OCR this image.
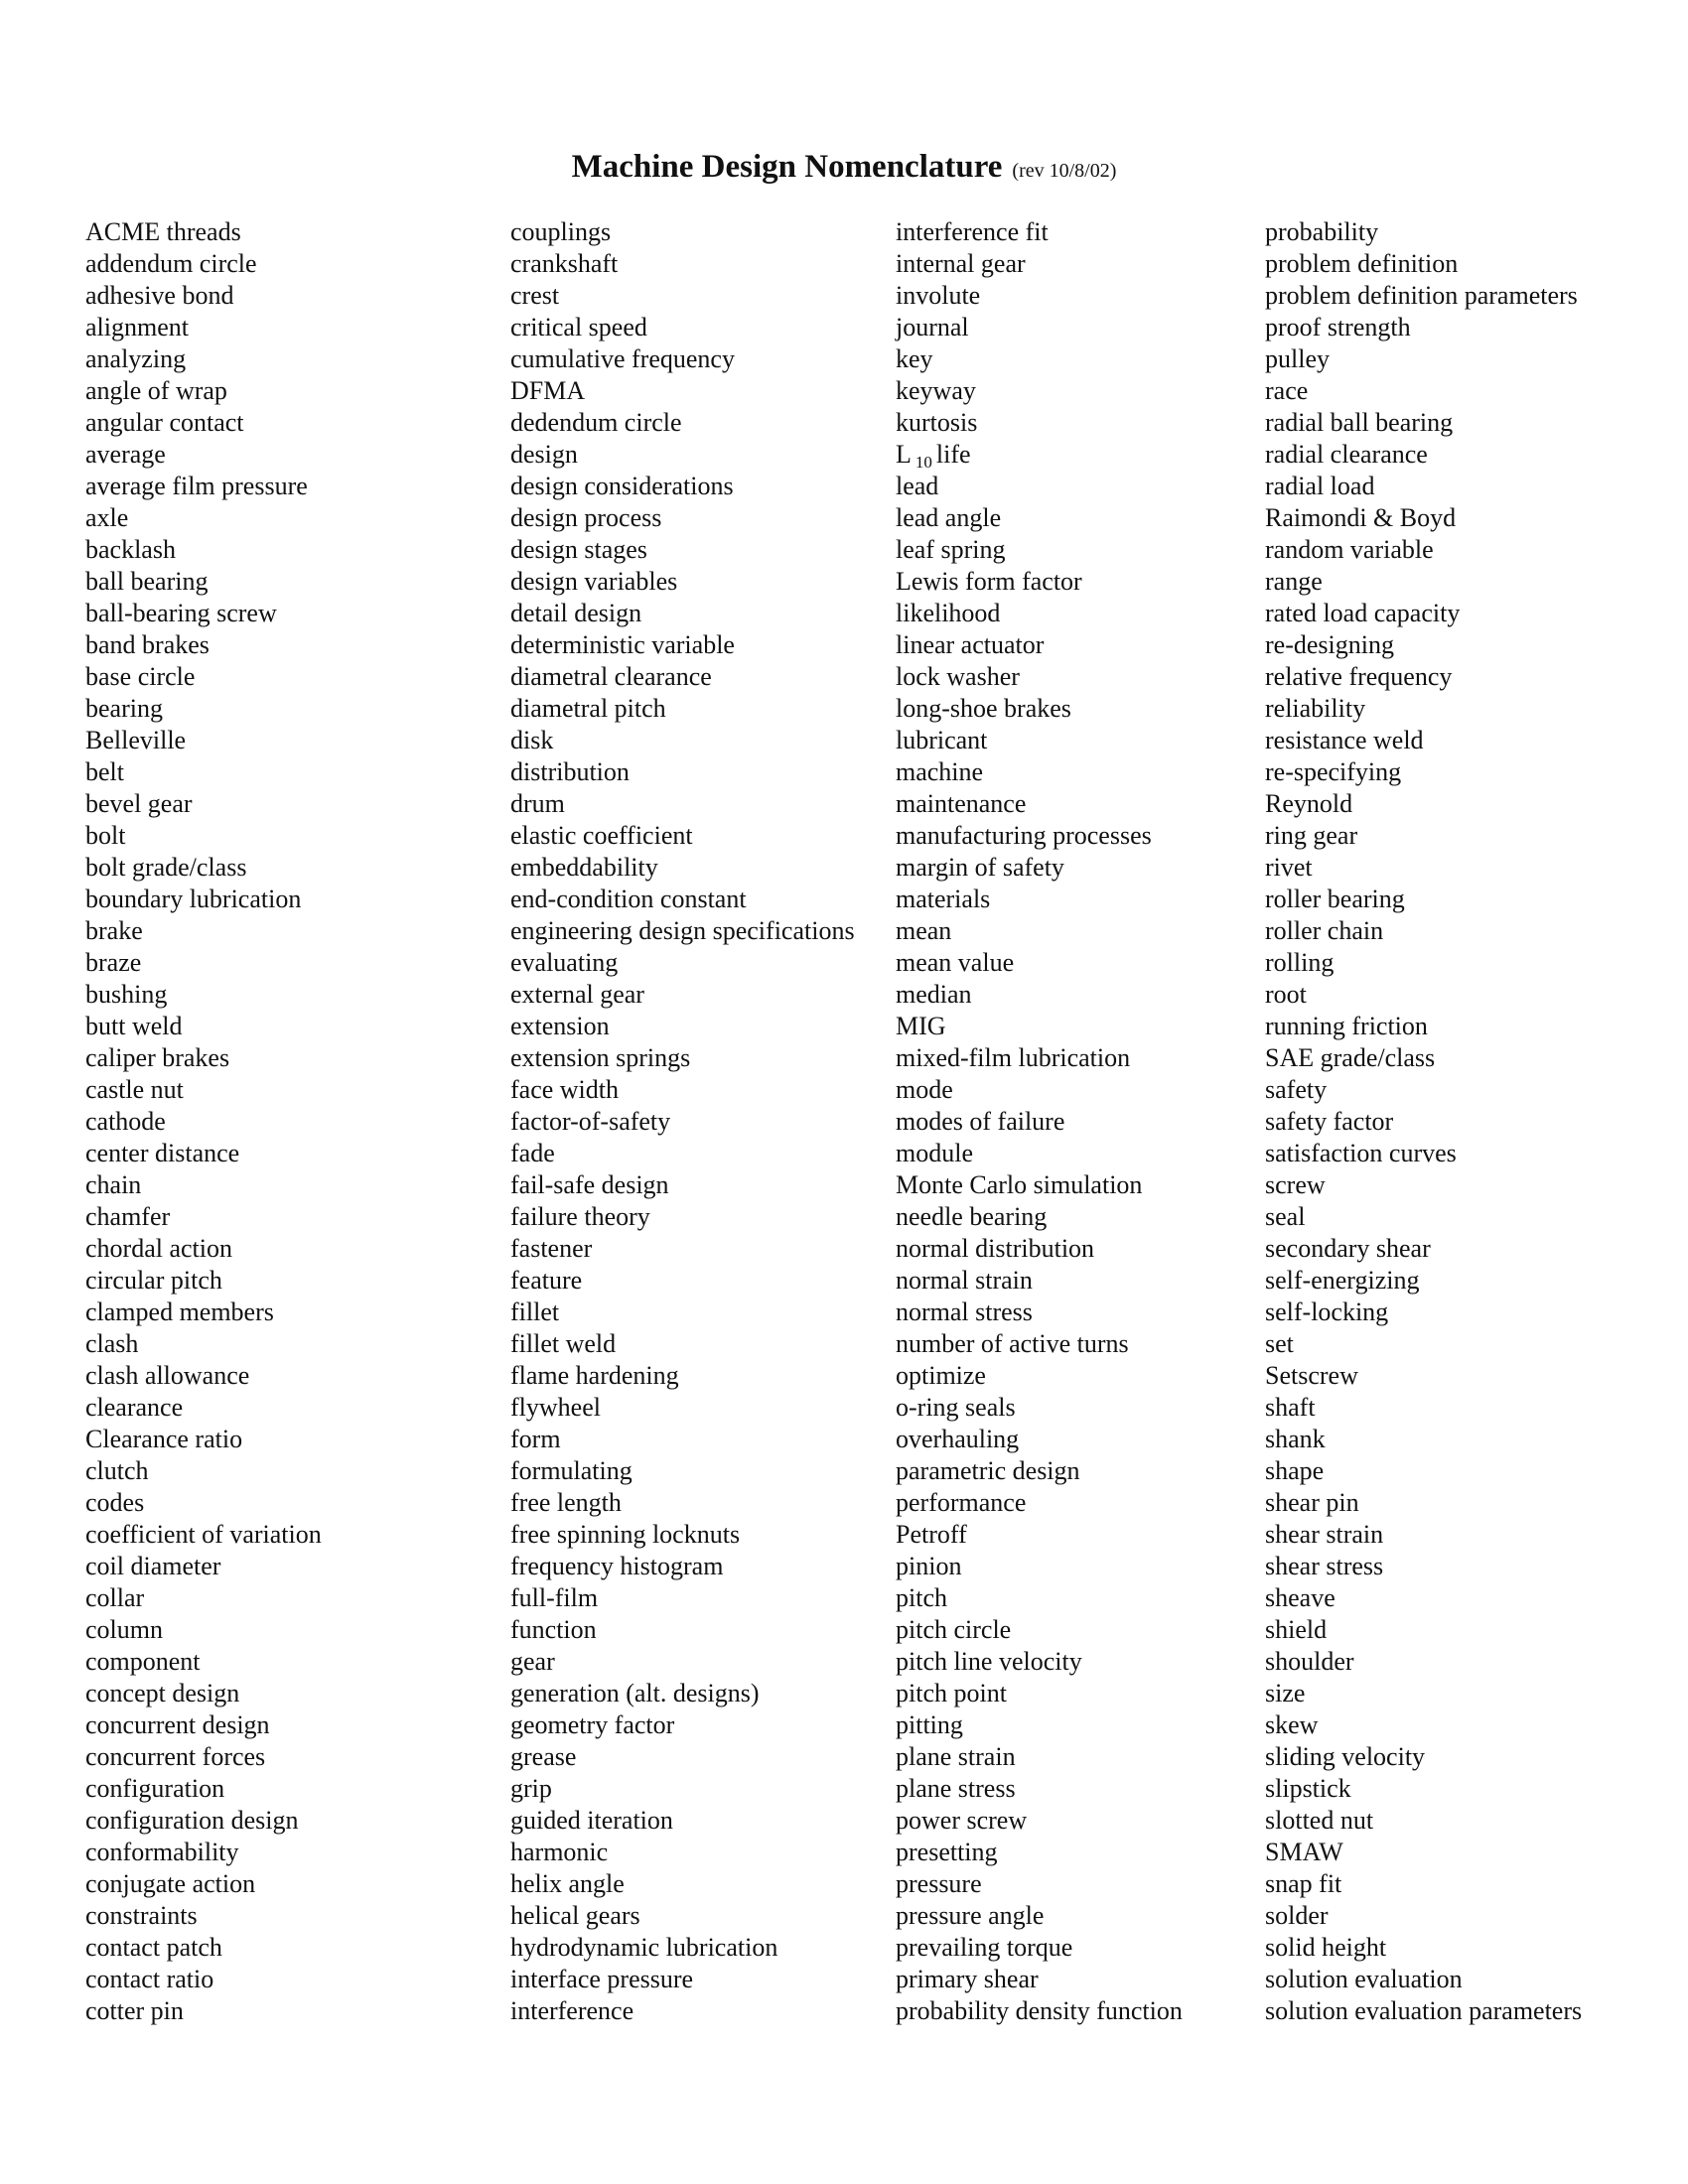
Machine Design Nomenclature (rev 10/8/02)
ACME threads
addendum circle
adhesive bond
alignment
analyzing
angle of wrap
angular contact
average
average film pressure
axle
backlash
ball bearing
ball-bearing screw
band brakes
base circle
bearing
Belleville
belt
bevel gear
bolt
bolt grade/class
boundary lubrication
brake
braze
bushing
butt weld
caliper brakes
castle nut
cathode
center distance
chain
chamfer
chordal action
circular pitch
clamped members
clash
clash allowance
clearance
Clearance ratio
clutch
codes
coefficient of variation
coil diameter
collar
column
component
concept design
concurrent design
concurrent forces
configuration
configuration design
conformability
conjugate action
constraints
contact patch
contact ratio
cotter pin
couplings
crankshaft
crest
critical speed
cumulative frequency
DFMA
dedendum circle
design
design considerations
design process
design stages
design variables
detail design
deterministic variable
diametral clearance
diametral pitch
disk
distribution
drum
elastic coefficient
embeddability
end-condition constant
engineering design specifications
evaluating
external gear
extension
extension springs
face width
factor-of-safety
fade
fail-safe design
failure theory
fastener
feature
fillet
fillet weld
flame hardening
flywheel
form
formulating
free length
free spinning locknuts
frequency histogram
full-film
function
gear
generation (alt. designs)
geometry factor
grease
grip
guided iteration
harmonic
helix angle
helical gears
hydrodynamic lubrication
interface pressure
interference
interference fit
internal gear
involute
journal
key
keyway
kurtosis
L 10 life
lead
lead angle
leaf spring
Lewis form factor
likelihood
linear actuator
lock washer
long-shoe brakes
lubricant
machine
maintenance
manufacturing processes
margin of safety
materials
mean
mean value
median
MIG
mixed-film lubrication
mode
modes of failure
module
Monte Carlo simulation
needle bearing
normal distribution
normal strain
normal stress
number of active turns
optimize
o-ring seals
overhauling
parametric design
performance
Petroff
pinion
pitch
pitch circle
pitch line velocity
pitch point
pitting
plane strain
plane stress
power screw
presetting
pressure
pressure angle
prevailing torque
primary shear
probability density function
probability
problem definition
problem definition parameters
proof strength
pulley
race
radial ball bearing
radial clearance
radial load
Raimondi & Boyd
random variable
range
rated load capacity
re-designing
relative frequency
reliability
resistance weld
re-specifying
Reynold
ring gear
rivet
roller bearing
roller chain
rolling
root
running friction
SAE grade/class
safety
safety factor
satisfaction curves
screw
seal
secondary shear
self-energizing
self-locking
set
Setscrew
shaft
shank
shape
shear pin
shear strain
shear stress
sheave
shield
shoulder
size
skew
sliding velocity
slipstick
slotted nut
SMAW
snap fit
solder
solid height
solution evaluation
solution evaluation parameters
